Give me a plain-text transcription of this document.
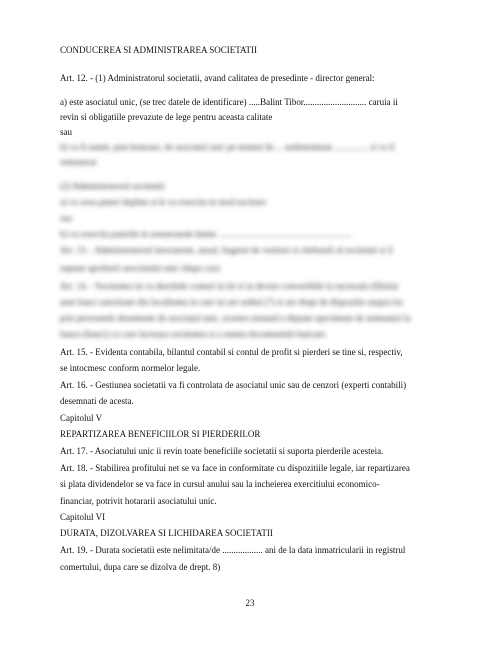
CONDUCEREA SI ADMINISTRAREA SOCIETATII
Art. 12. - (1) Administratorul societatii, avand calitatea de presedinte - director general:
a) este asociatul unic, (se trec datele de identificare) .....Balint Tibor............................ caruia ii
revin si obligatiile prevazute de lege pentru aceasta calitate
sau
b) va fi numit, prin hotarare, de asociatul unic pe termen de ... nedeterminat ............... si va fi
remunerat
(2) Administratorul societatii
a) va avea puteri depline si le va exercita in mod exclusiv
sau
b) va exercita puterile in urmatoarele limite ...........................................................
Art. 13. - Administratorul intocmeste, anual, bugetul de venituri si cheltuieli al societatii si il
supune aprobarii asociatului unic (dupa caz).
Art. 14. - Societatea isi va deschide conturi in lei si in devize convertibile la sucursala (filiala)
unei banci autorizate din localitatea in care isi are sediul (7) si are drept de dispozitie asupra lor
prin persoanele desemnate de asociatul unic, acestea urmand a depune specimene de semnaturi la
banca (banci) cu care lucreaza societatea si a semna documentele bancare.
Art. 15. - Evidenta contabila, bilantul contabil si contul de profit si pierderi se tine si, respectiv,
se intocmesc conform normelor legale.
Art. 16. - Gestiunea societatii va fi controlata de asociatul unic sau de cenzori (experti contabili)
desemnati de acesta.
Capitolul V
REPARTIZAREA BENEFICIILOR SI PIERDERILOR
Art. 17. - Asociatului unic ii revin toate beneficiile societatii si suporta pierderile acesteia.
Art. 18. - Stabilirea profitului net se va face in conformitate cu dispozitiile legale, iar repartizarea
si plata dividendelor se va face in cursul anului sau la incheierea exercitiului economico-
financiar, potrivit hotararii asociatului unic.
Capitolul VI
DURATA, DIZOLVAREA SI LICHIDAREA SOCIETATII
Art. 19. - Durata societatii este nelimitata/de .................. ani de la data inmatricularii in registrul
comertului, dupa care se dizolva de drept. 8)
23
